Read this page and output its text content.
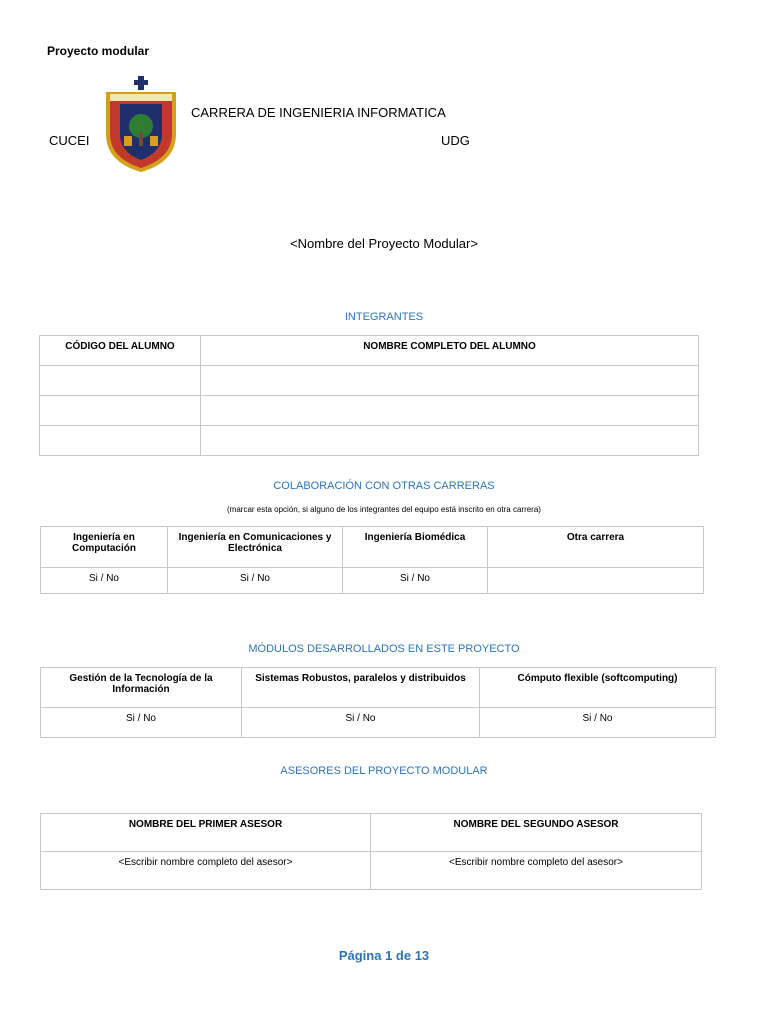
Proyecto modular
CARRERA DE INGENIERIA INFORMATICA
CUCEI	UDG
<Nombre del Proyecto Modular>
INTEGRANTES
CÓDIGO DEL ALUMNO	NOMBRE COMPLETO DEL ALUMNO

COLABORACIÓN CON OTRAS CARRERAS
(marcar esta opción, si alguno de los integrantes del equipo está inscrito en otra carrera)
Ingeniería en Computación	Ingeniería en Comunicaciones y Electrónica	Ingeniería Biomédica	Otra carrera
Si / No	Si / No	Si / No	
MÓDULOS DESARROLLADOS EN ESTE PROYECTO
Gestión de la Tecnología de la Información	Sistemas Robustos, paralelos y distribuidos	Cómputo flexible (softcomputing)
Si / No	Si / No	Si / No
ASESORES DEL PROYECTO MODULAR
NOMBRE DEL PRIMER ASESOR	NOMBRE DEL SEGUNDO ASESOR
<Escribir nombre completo del asesor>	<Escribir nombre completo del asesor>
Página 1 de 13
